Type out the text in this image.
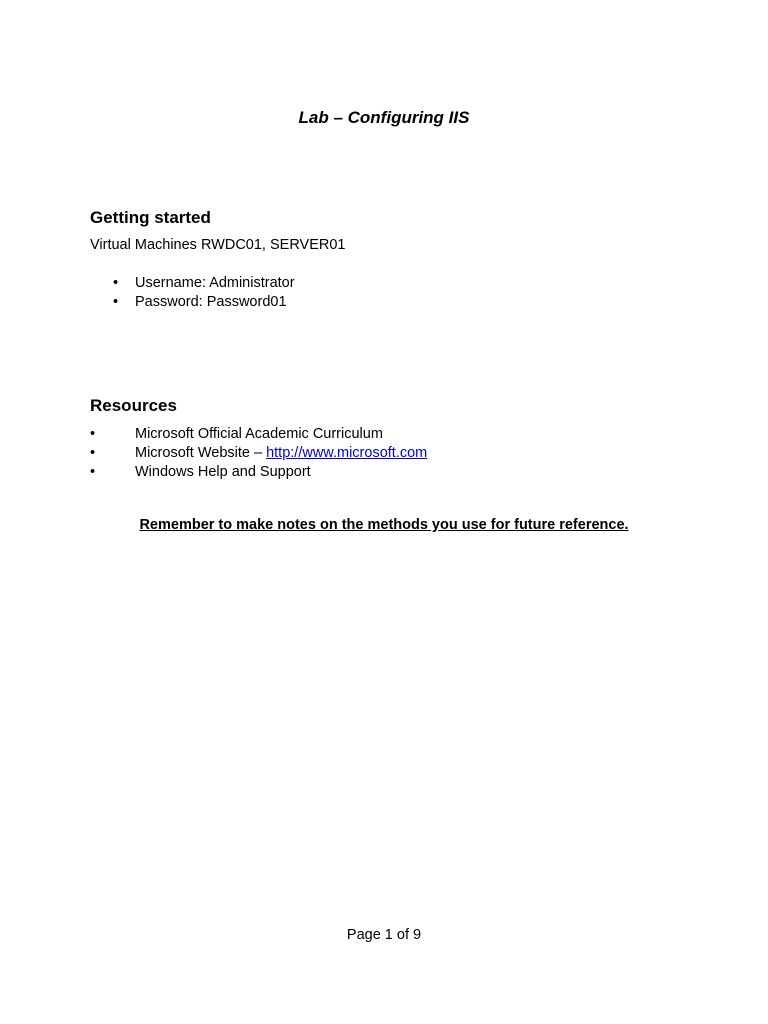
Lab – Configuring IIS
Getting started
Virtual Machines RWDC01, SERVER01
• Username: Administrator
• Password: Password01
Resources
•	Microsoft Official Academic Curriculum
•	Microsoft Website – http://www.microsoft.com
•	Windows Help and Support
Remember to make notes on the methods you use for future reference.
Page 1 of 9
